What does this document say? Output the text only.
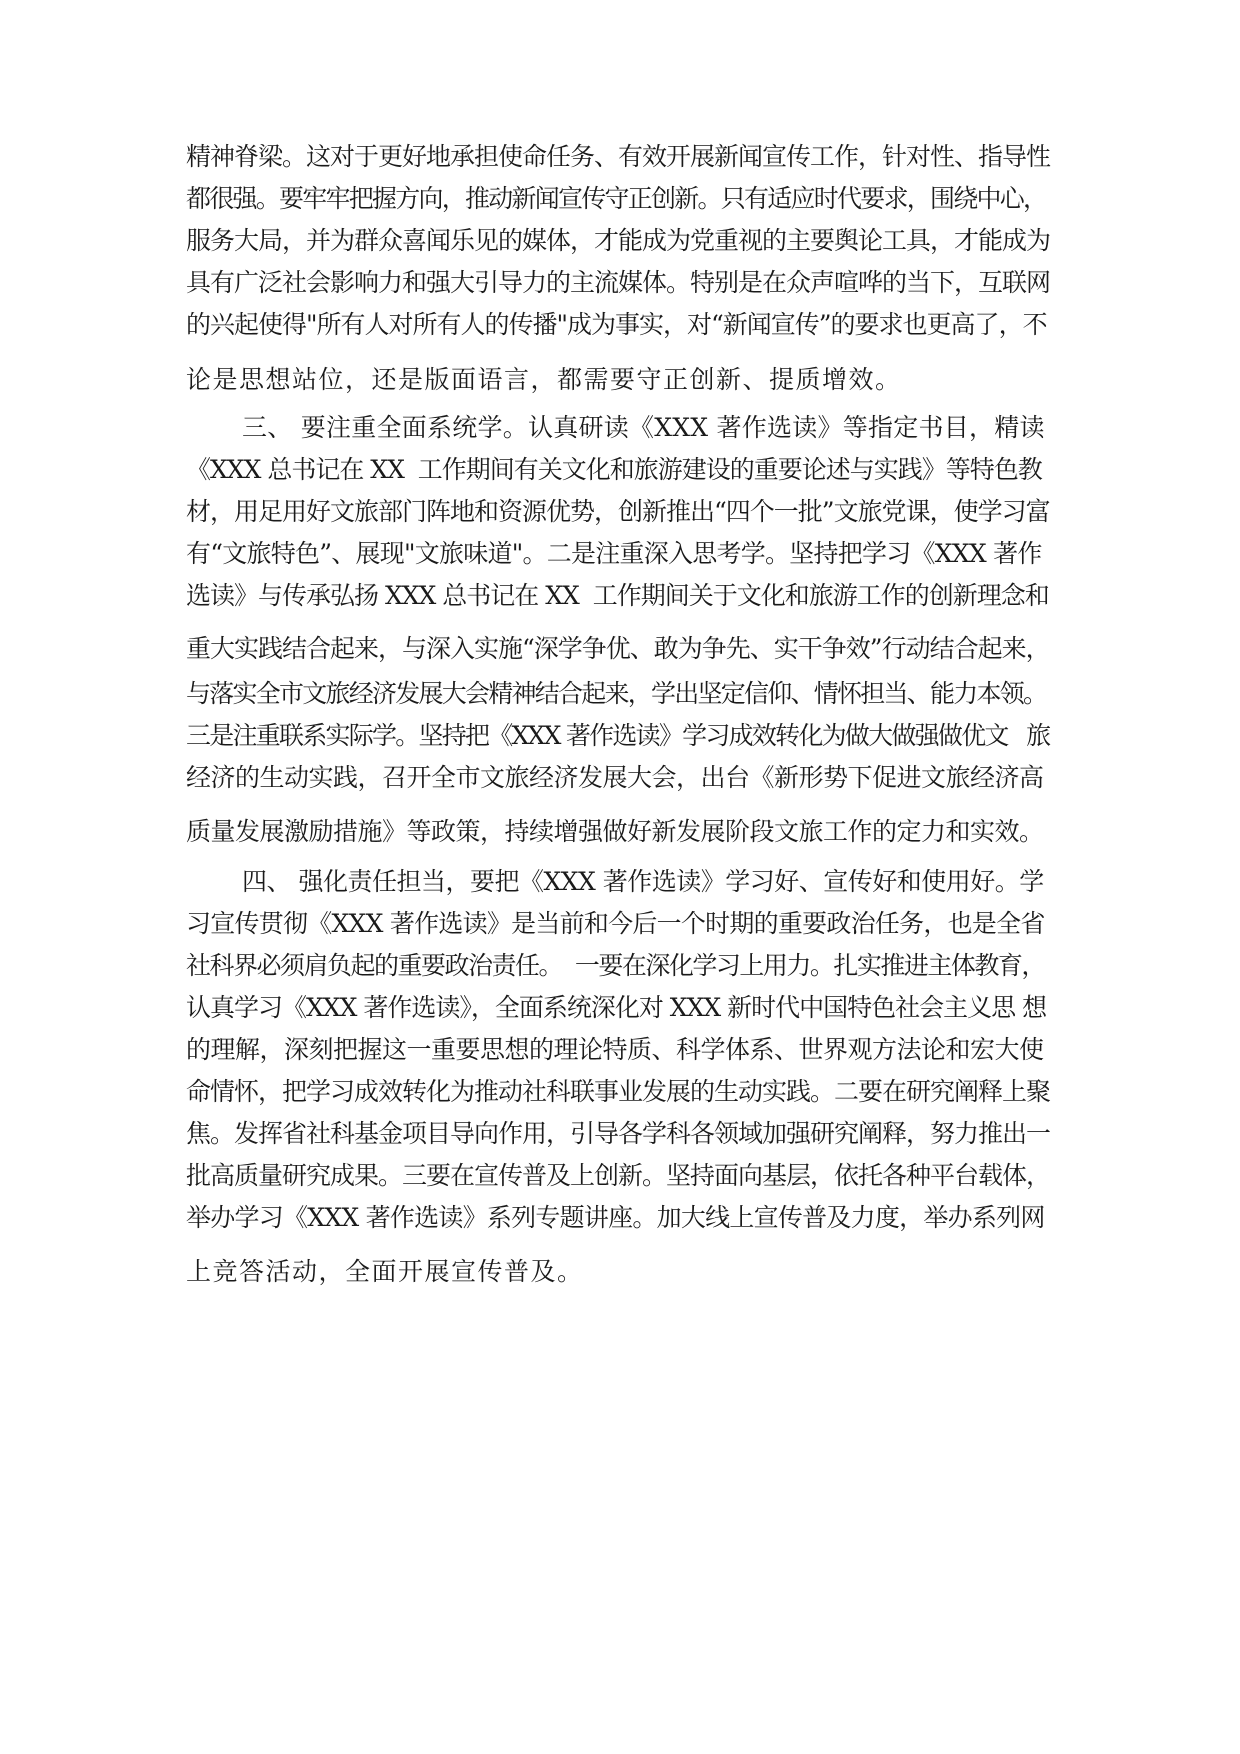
精神脊梁。这对于更好地承担使命任务、有效开展新闻宣传工作，针对性、指导性
都很强。要牢牢把握方向，推动新闻宣传守正创新。只有适应时代要求，围绕中心，
服务大局，并为群众喜闻乐见的媒体，才能成为党重视的主要舆论工具，才能成为
具有广泛社会影响力和强大引导力的主流媒体。特别是在众声喧哗的当下，互联网
的兴起使得"所有人对所有人的传播"成为事实，对“新闻宣传”的要求也更高了，不
论是思想站位，还是版面语言，都需要守正创新、提质增效。
三、 要注重全面系统学。认真研读《XXX 著作选读》等指定书目，精读
《XXX 总书记在 XX  工作期间有关文化和旅游建设的重要论述与实践》等特色教
材，用足用好文旅部门阵地和资源优势，创新推出“四个一批”文旅党课，使学习富
有“文旅特色”、展现"文旅味道"。二是注重深入思考学。坚持把学习《XXX 著作
选读》与传承弘扬 XXX 总书记在 XX  工作期间关于文化和旅游工作的创新理念和
重大实践结合起来，与深入实施“深学争优、敢为争先、实干争效”行动结合起来，
与落实全市文旅经济发展大会精神结合起来，学出坚定信仰、情怀担当、能力本领。
三是注重联系实际学。坚持把《XXX 著作选读》学习成效转化为做大做强做优文   旅
经济的生动实践，召开全市文旅经济发展大会，出台《新形势下促进文旅经济高
质量发展激励措施》等政策，持续增强做好新发展阶段文旅工作的定力和实效。
四、 强化责任担当，要把《XXX 著作选读》学习好、宣传好和使用好。学
习宣传贯彻《XXX 著作选读》是当前和今后一个时期的重要政治任务，也是全省
社科界必须肩负起的重要政治责任。  一要在深化学习上用力。扎实推进主体教育，
认真学习《XXX 著作选读》，全面系统深化对 XXX 新时代中国特色社会主义思 想
的理解，深刻把握这一重要思想的理论特质、科学体系、世界观方法论和宏大使
命情怀，把学习成效转化为推动社科联事业发展的生动实践。二要在研究阐释上聚
焦。发挥省社科基金项目导向作用，引导各学科各领域加强研究阐释，努力推出一
批高质量研究成果。三要在宣传普及上创新。坚持面向基层，依托各种平台载体，
举办学习《XXX 著作选读》系列专题讲座。加大线上宣传普及力度，举办系列网
上竞答活动，全面开展宣传普及。
